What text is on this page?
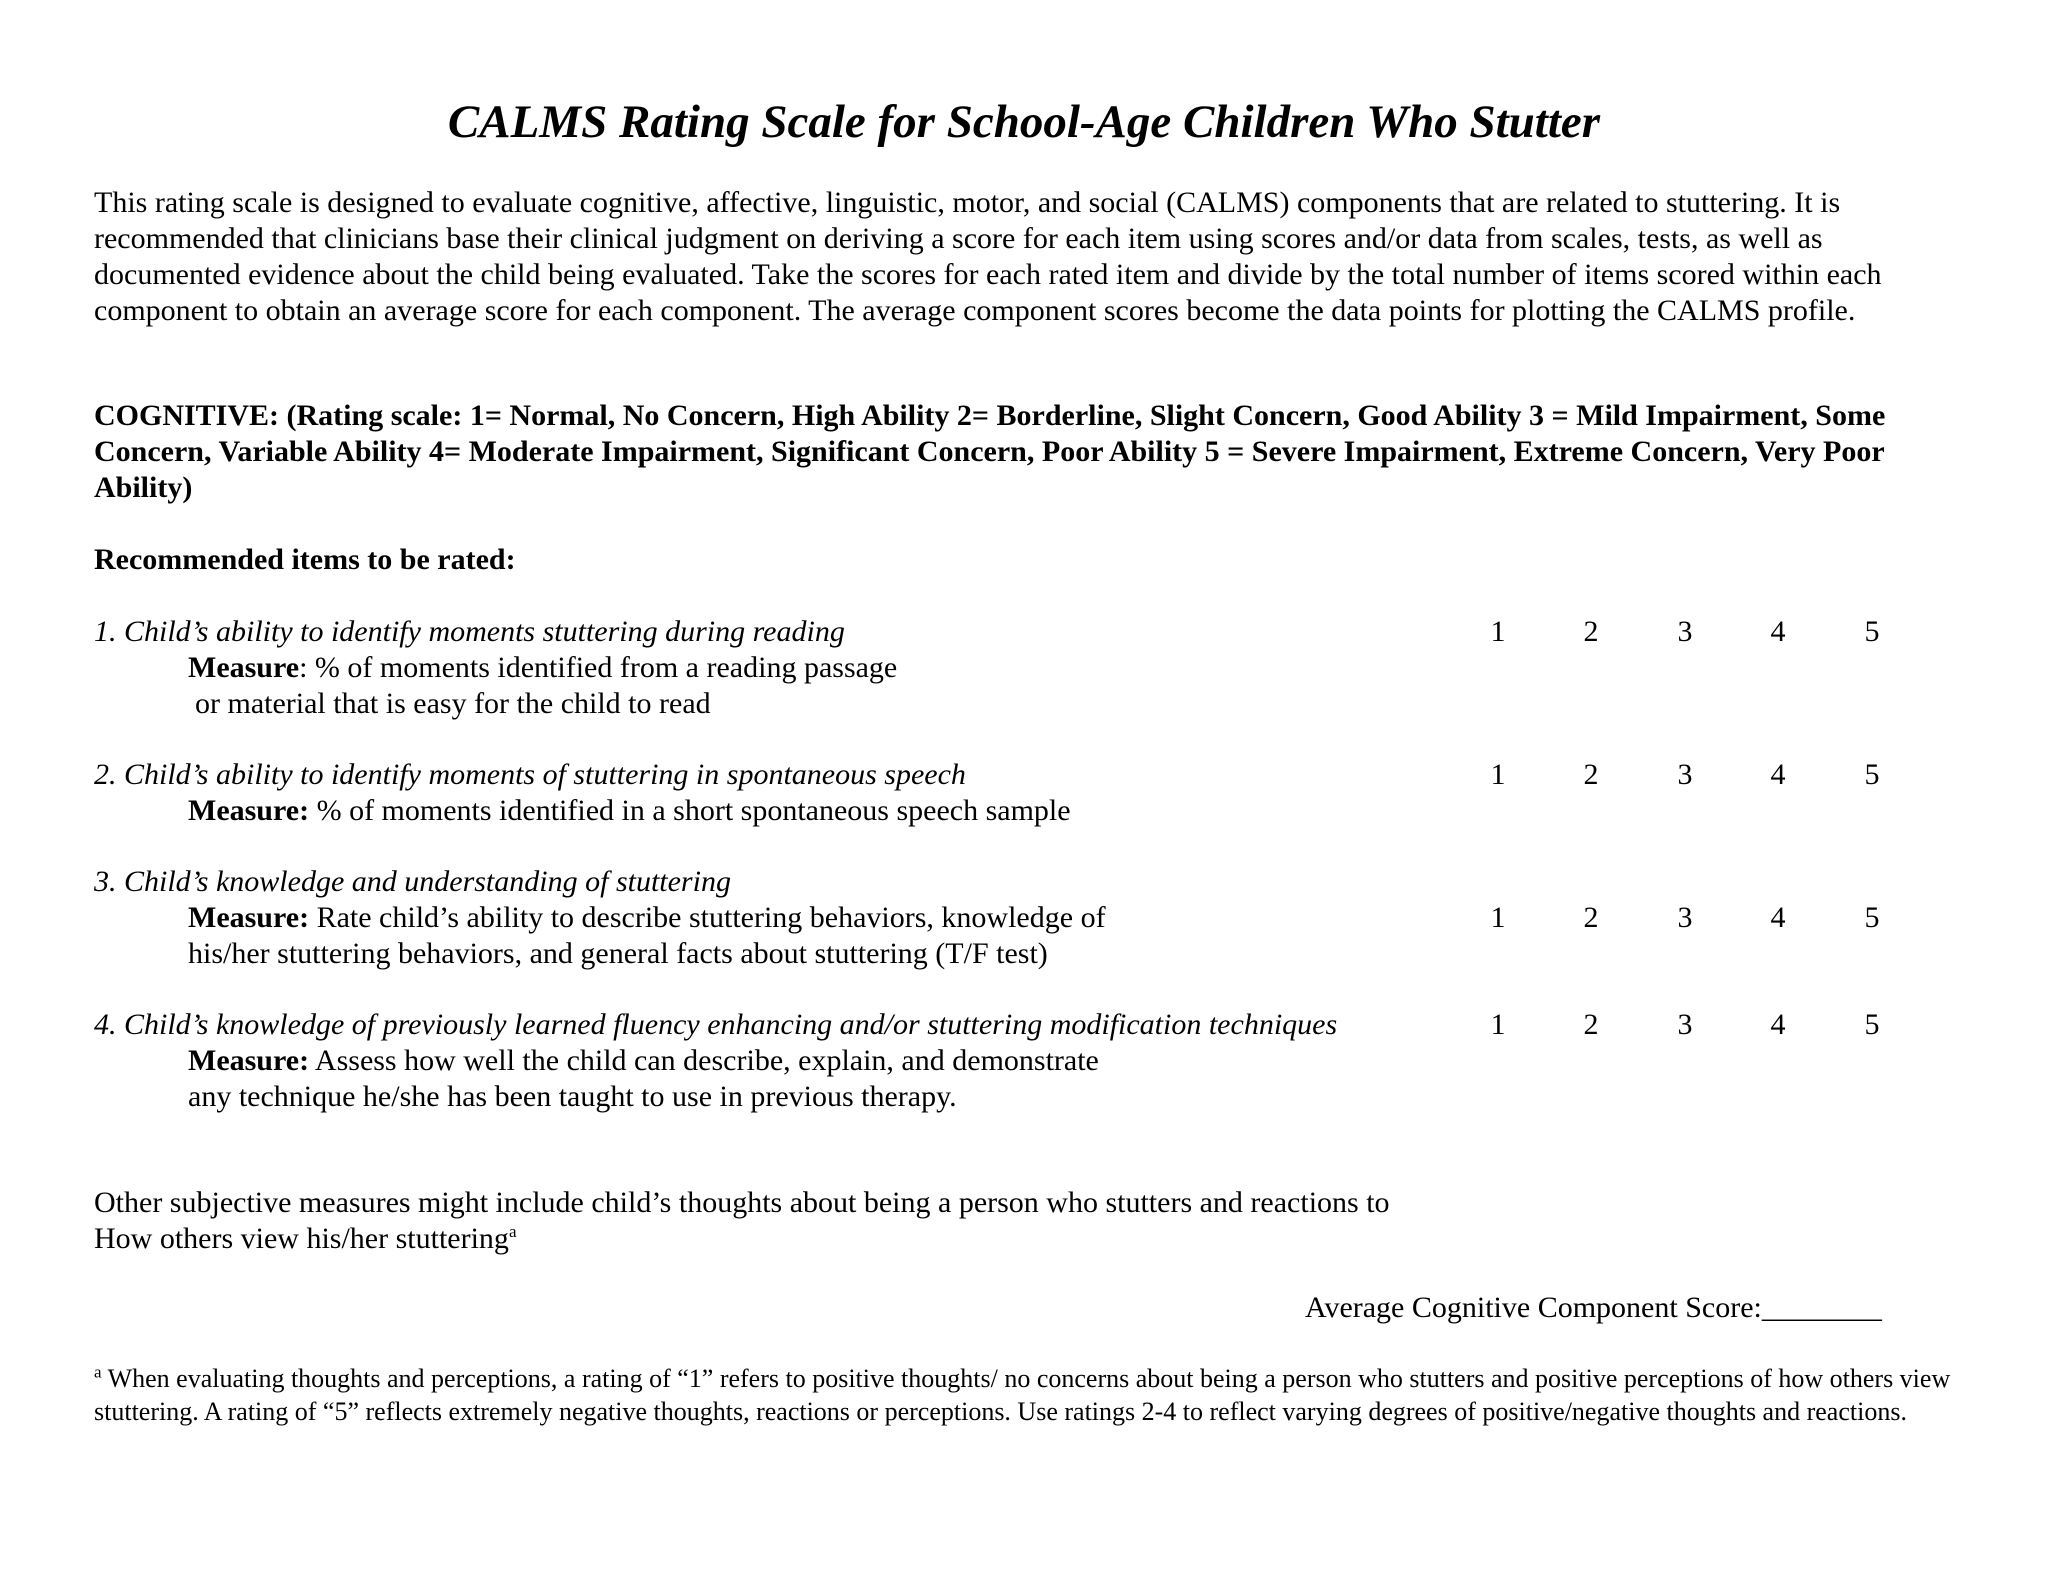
CALMS Rating Scale for School-Age Children Who Stutter
This rating scale is designed to evaluate cognitive, affective, linguistic, motor, and social (CALMS) components that are related to stuttering. It is recommended that clinicians base their clinical judgment on deriving a score for each item using scores and/or data from scales, tests, as well as documented evidence about the child being evaluated. Take the scores for each rated item and divide by the total number of items scored within each component to obtain an average score for each component. The average component scores become the data points for plotting the CALMS profile.
COGNITIVE: (Rating scale: 1= Normal, No Concern, High Ability 2= Borderline, Slight Concern, Good Ability 3 = Mild Impairment, Some Concern, Variable Ability 4= Moderate Impairment, Significant Concern, Poor Ability 5 = Severe Impairment, Extreme Concern, Very Poor Ability)
Recommended items to be rated:
1. Child’s ability to identify moments stuttering during reading
Measure: % of moments identified from a reading passage
or material that is easy for the child to read
1	2	3	4	5
2. Child’s ability to identify moments of stuttering in spontaneous speech
Measure: % of moments identified in a short spontaneous speech sample
1	2	3	4	5
3. Child’s knowledge and understanding of stuttering
Measure: Rate child’s ability to describe stuttering behaviors, knowledge of
his/her stuttering behaviors, and general facts about stuttering (T/F test)
1	2	3	4	5
4. Child’s knowledge of previously learned fluency enhancing and/or stuttering modification techniques
Measure: Assess how well the child can describe, explain, and demonstrate
any technique he/she has been taught to use in previous therapy.
1	2	3	4	5
Other subjective measures might include child’s thoughts about being a person who stutters and reactions to
How others view his/her stuttering$^a$
Average Cognitive Component Score:________
$^a$ When evaluating thoughts and perceptions, a rating of “1” refers to positive thoughts/ no concerns about being a person who stutters and positive perceptions of how others view stuttering. A rating of “5” reflects extremely negative thoughts, reactions or perceptions. Use ratings 2-4 to reflect varying degrees of positive/negative thoughts and reactions.
